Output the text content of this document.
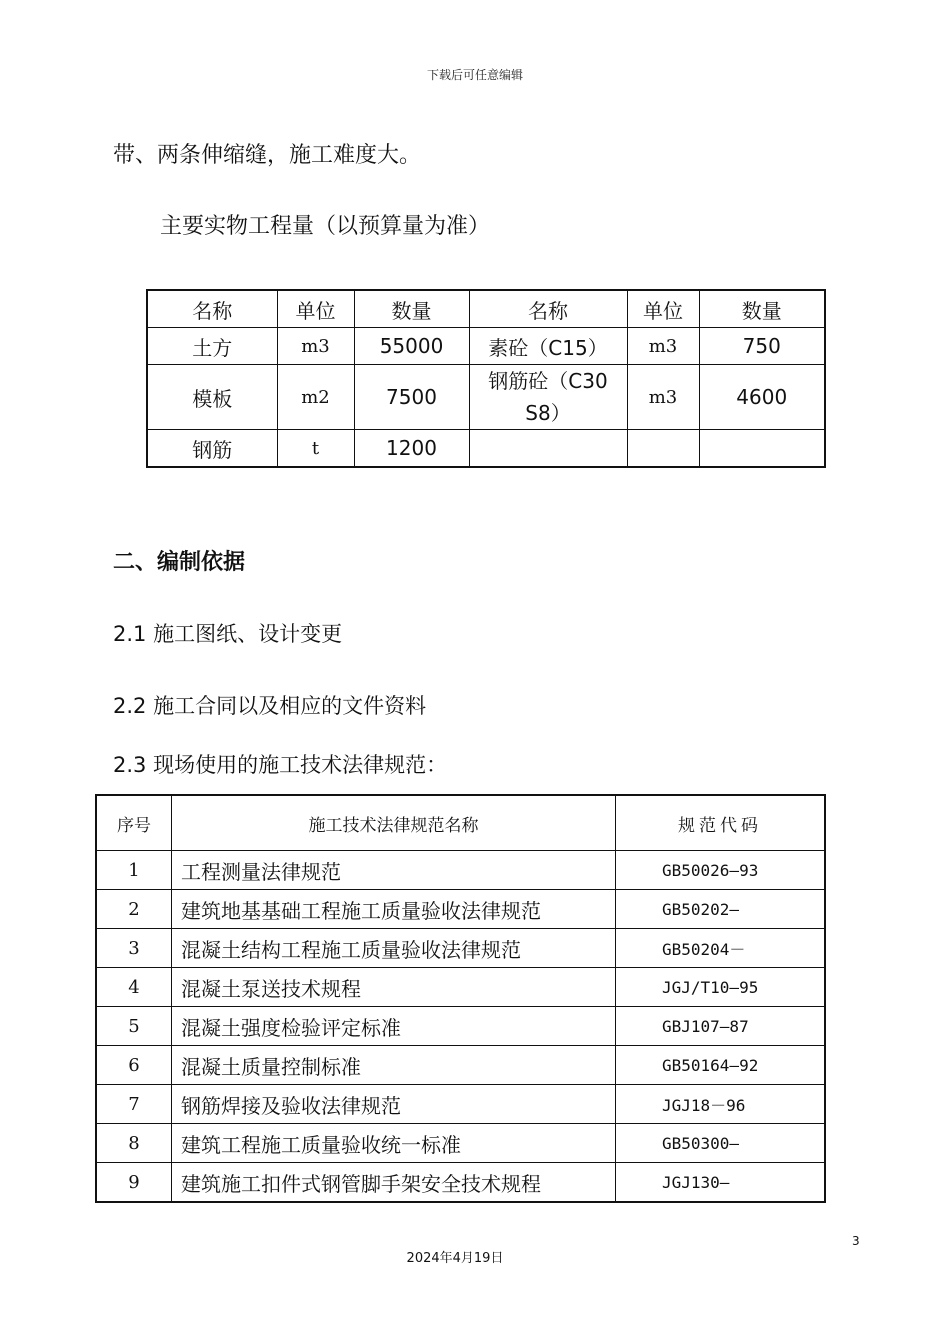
下载后可任意编辑
带、两条伸缩缝，施工难度大。
主要实物工程量（以预算量为准）
名称	单位	数量	名称	单位	数量
土方	m3	55000	素砼（C15）	m3	750
模板	m2	7500	钢筋砼（C30 S8）	m3	4600
钢筋	t	1200			
二、编制依据
2.1 施工图纸、设计变更
2.2 施工合同以及相应的文件资料
2.3 现场使用的施工技术法律规范：
序号	施工技术法律规范名称	规范代码
1	工程测量法律规范	GB50026—93
2	建筑地基基础工程施工质量验收法律规范	GB50202—
3	混凝土结构工程施工质量验收法律规范	GB50204－
4	混凝土泵送技术规程	JGJ/T10—95
5	混凝土强度检验评定标准	GBJ107—87
6	混凝土质量控制标准	GB50164—92
7	钢筋焊接及验收法律规范	JGJ18－96
8	建筑工程施工质量验收统一标准	GB50300—
9	建筑施工扣件式钢管脚手架安全技术规程	JGJ130—
3
2024年4月19日
